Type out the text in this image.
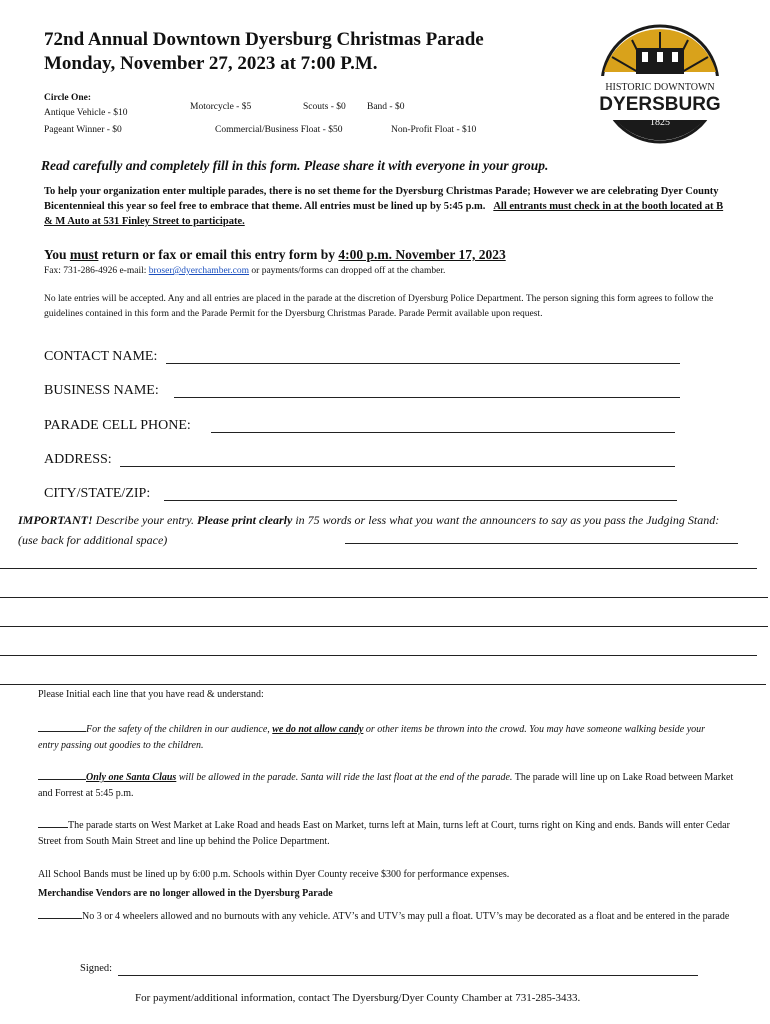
72nd Annual Downtown Dyersburg Christmas Parade
Monday, November 27, 2023 at 7:00 P.M.
Circle One:
Antique Vehicle - $10
Motorcycle - $5	Scouts - $0 Band - $0
Pageant Winner - $0	Commercial/Business Float - $50	Non-Profit Float - $10
HISTORIC DOWNTOWN
DYERSBURG
1825
Read carefully and completely fill in this form. Please share it with everyone in your group.
To help your organization enter multiple parades, there is no set theme for the Dyersburg Christmas Parade; However we are celebrating Dyer County Bicentennieal this year so feel free to embrace that theme. All entries must be lined up by 5:45 p.m. All entrants must check in at the booth located at B & M Auto at 531 Finley Street to participate.
You must return or fax or email this entry form by 4:00 p.m. November 17, 2023
Fax: 731-286-4926 e-mail: broser@dyerchamber.com or payments/forms can dropped off at the chamber.
No late entries will be accepted. Any and all entries are placed in the parade at the discretion of Dyersburg Police Department. The person signing this form agrees to follow the guidelines contained in this form and the Parade Permit for the Dyersburg Christmas Parade. Parade Permit available upon request.
CONTACT NAME:
BUSINESS NAME:
PARADE CELL PHONE:
ADDRESS:
CITY/STATE/ZIP:
IMPORTANT! Describe your entry. Please print clearly in 75 words or less what you want the announcers to say as you pass the Judging Stand: (use back for additional space)
Please Initial each line that you have read & understand:
For the safety of the children in our audience, we do not allow candy or other items be thrown into the crowd. You may have someone walking beside your entry passing out goodies to the children.
Only one Santa Claus will be allowed in the parade. Santa will ride the last float at the end of the parade. The parade will line up on Lake Road between Market and Forrest at 5:45 p.m.
The parade starts on West Market at Lake Road and heads East on Market, turns left at Main, turns left at Court, turns right on King and ends. Bands will enter Cedar Street from South Main Street and line up behind the Police Department.
All School Bands must be lined up by 6:00 p.m. Schools within Dyer County receive $300 for performance expenses.
Merchandise Vendors are no longer allowed in the Dyersburg Parade
No 3 or 4 wheelers allowed and no burnouts with any vehicle. ATV’s and UTV’s may pull a float. UTV’s may be decorated as a float and be entered in the parade
Signed:
For payment/additional information, contact The Dyersburg/Dyer County Chamber at 731-285-3433.
